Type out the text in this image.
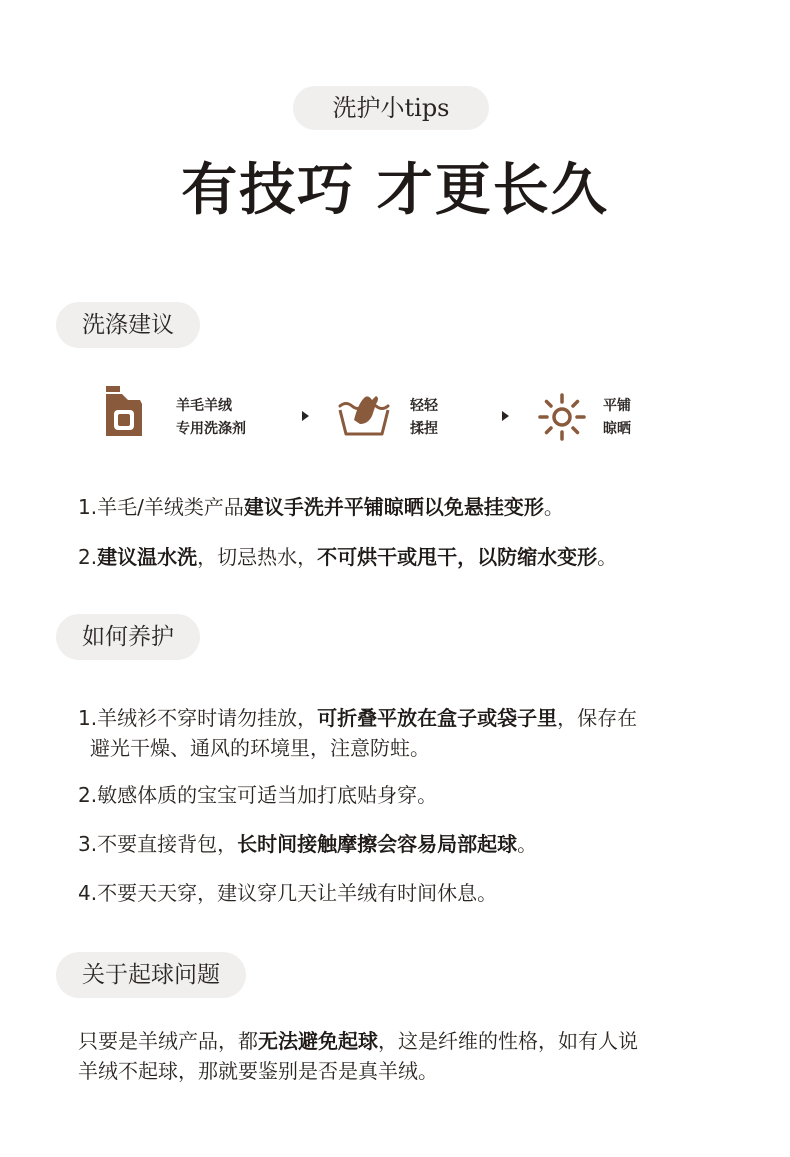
洗护小tips
有技巧 才更长久
洗涤建议
羊毛羊绒
专用洗涤剂
轻轻
揉捏
平铺
晾晒
1.羊毛/羊绒类产品建议手洗并平铺晾晒以免悬挂变形。
2.建议温水洗，切忌热水，不可烘干或甩干，以防缩水变形。
如何养护
1.羊绒衫不穿时请勿挂放，可折叠平放在盒子或袋子里，保存在
避光干燥、通风的环境里，注意防蛀。
2.敏感体质的宝宝可适当加打底贴身穿。
3.不要直接背包，长时间接触摩擦会容易局部起球。
4.不要天天穿，建议穿几天让羊绒有时间休息。
关于起球问题
只要是羊绒产品，都无法避免起球，这是纤维的性格，如有人说
羊绒不起球，那就要鉴别是否是真羊绒。
